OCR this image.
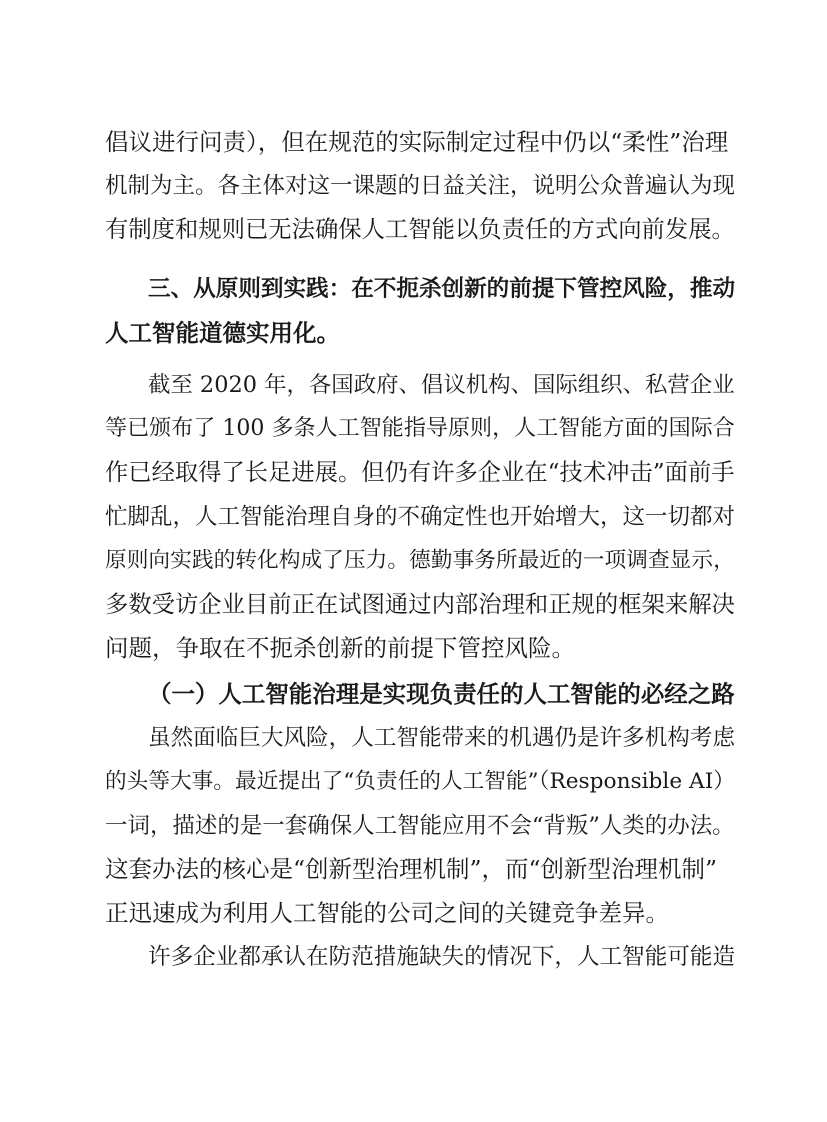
倡议进行问责），但在规范的实际制定过程中仍以“柔性”治理
机制为主。各主体对这一课题的日益关注，说明公众普遍认为现
有制度和规则已无法确保人工智能以负责任的方式向前发展。
三、从原则到实践：在不扼杀创新的前提下管控风险，推动
人工智能道德实用化。
截至 2020 年，各国政府、倡议机构、国际组织、私营企业
等已颁布了 100 多条人工智能指导原则，人工智能方面的国际合
作已经取得了长足进展。但仍有许多企业在“技术冲击”面前手
忙脚乱，人工智能治理自身的不确定性也开始增大，这一切都对
原则向实践的转化构成了压力。德勤事务所最近的一项调查显示，
多数受访企业目前正在试图通过内部治理和正规的框架来解决
问题，争取在不扼杀创新的前提下管控风险。
（一）人工智能治理是实现负责任的人工智能的必经之路
虽然面临巨大风险，人工智能带来的机遇仍是许多机构考虑
的头等大事。最近提出了“负责任的人工智能”（Responsible AI）
一词，描述的是一套确保人工智能应用不会“背叛”人类的办法。
这套办法的核心是“创新型治理机制”，而“创新型治理机制”
正迅速成为利用人工智能的公司之间的关键竞争差异。
许多企业都承认在防范措施缺失的情况下，人工智能可能造
